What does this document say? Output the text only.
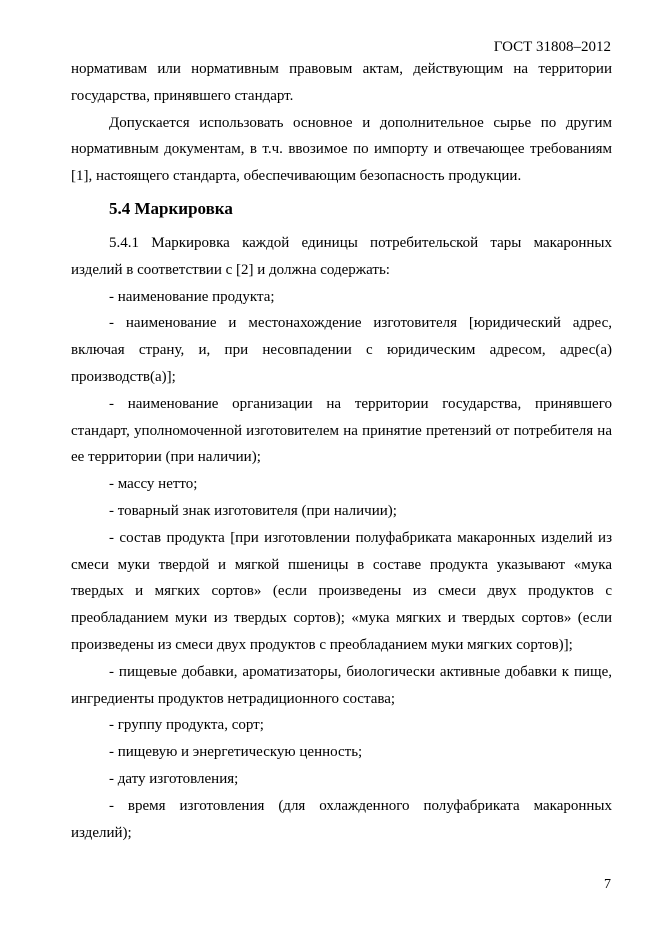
ГОСТ 31808–2012

нормативам или нормативным правовым актам, действующим на территории государства, принявшего стандарт.

Допускается использовать основное и дополнительное сырье по другим нормативным документам, в т.ч. ввозимое по импорту и отвечающее требованиям [1], настоящего стандарта, обеспечивающим безопасность продукции.

5.4 Маркировка

5.4.1 Маркировка каждой единицы потребительской тары макаронных изделий в соответствии с [2] и должна содержать:

- наименование продукта;

- наименование и местонахождение изготовителя [юридический адрес, включая страну, и, при несовпадении с юридическим адресом, адрес(а) производств(а)];

- наименование организации на территории государства, принявшего стандарт, уполномоченной изготовителем на принятие претензий от потребителя на ее территории (при наличии);

- массу нетто;

- товарный знак изготовителя (при наличии);

- состав продукта [при изготовлении полуфабриката макаронных изделий из смеси муки твердой и мягкой пшеницы в составе продукта указывают «мука твердых и мягких сортов» (если произведены из смеси двух продуктов с преобладанием муки из твердых сортов); «мука мягких и твердых сортов» (если произведены из смеси двух продуктов с преобладанием муки мягких сортов)];

- пищевые добавки, ароматизаторы, биологически активные добавки к пище, ингредиенты продуктов нетрадиционного состава;

- группу продукта, сорт;

- пищевую и энергетическую ценность;

- дату изготовления;

- время изготовления (для охлажденного полуфабриката макаронных изделий);

7
